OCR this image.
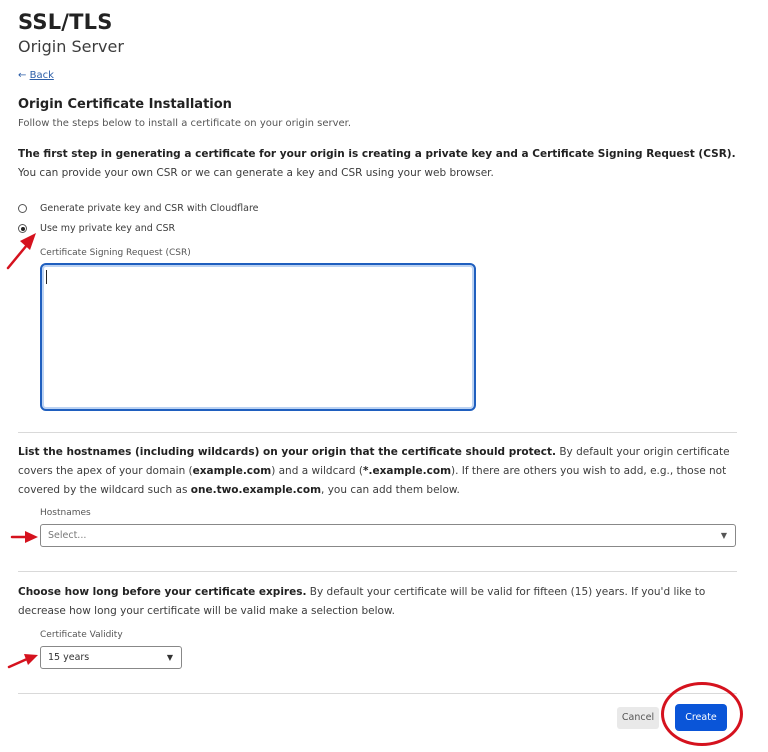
SSL/TLS
Origin Server
← Back
Origin Certificate Installation
Follow the steps below to install a certificate on your origin server.
The first step in generating a certificate for your origin is creating a private key and a Certificate Signing Request (CSR). You can provide your own CSR or we can generate a key and CSR using your web browser.
Generate private key and CSR with Cloudflare
Use my private key and CSR
Certificate Signing Request (CSR)
List the hostnames (including wildcards) on your origin that the certificate should protect. By default your origin certificate covers the apex of your domain (example.com) and a wildcard (*.example.com). If there are others you wish to add, e.g., those not covered by the wildcard such as one.two.example.com, you can add them below.
Hostnames
Select...	▼
Choose how long before your certificate expires. By default your certificate will be valid for fifteen (15) years. If you'd like to decrease how long your certificate will be valid make a selection below.
Certificate Validity
15 years	▼
Cancel	Create
